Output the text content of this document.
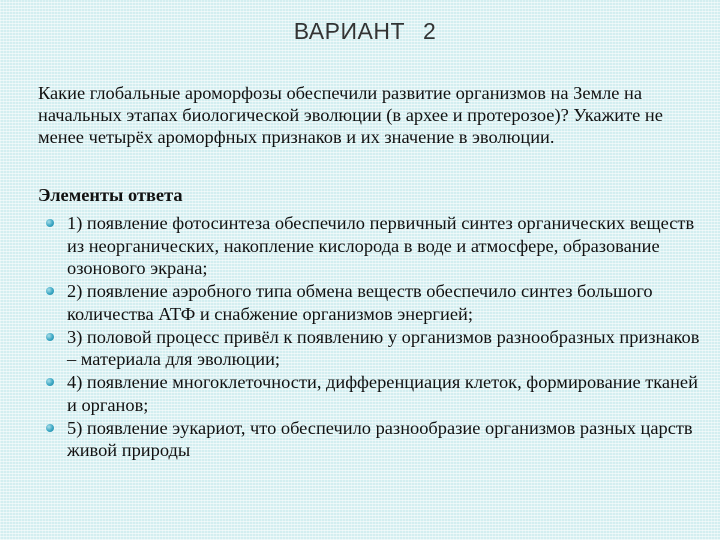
ВАРИАНТ 2
Какие глобальные ароморфозы обеспечили развитие организмов на Земле на начальных этапах биологической эволюции (в архее и протерозое)? Укажите не менее четырёх ароморфных признаков и их значение в эволюции.
Элементы ответа
1) появление фотосинтеза обеспечило первичный синтез органических веществ из неорганических, накопление кислорода в воде и атмосфере, образование озонового экрана;
2) появление аэробного типа обмена веществ обеспечило синтез большого количества АТФ и снабжение организмов энергией;
3) половой процесс привёл к появлению у организмов разнообразных признаков – материала для эволюции;
4) появление многоклеточности, дифференциация клеток, формирование тканей и органов;
5) появление эукариот, что обеспечило разнообразие организмов разных царств живой природы
